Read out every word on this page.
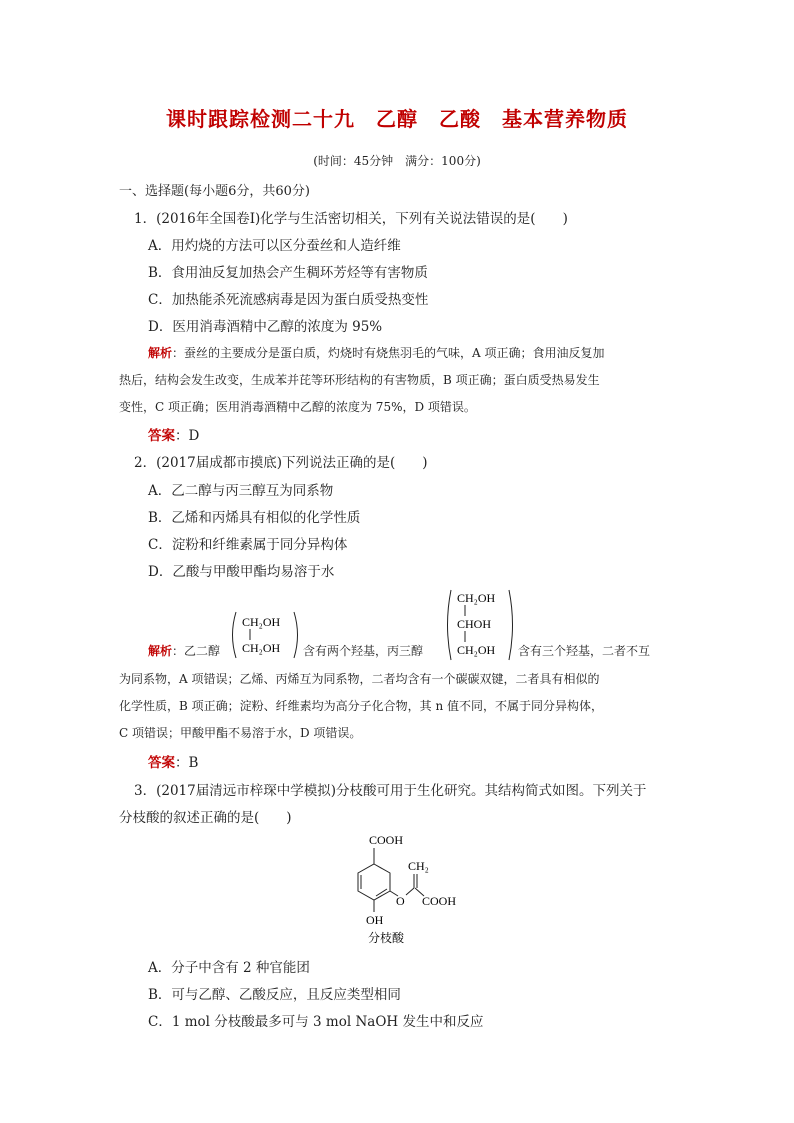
课时跟踪检测二十九　乙醇　乙酸　基本营养物质
(时间：45分钟　满分：100分)
一、选择题(每小题6分，共60分)
1．(2016年全国卷Ⅰ)化学与生活密切相关，下列有关说法错误的是(　　)
A．用灼烧的方法可以区分蚕丝和人造纤维
B．食用油反复加热会产生稠环芳烃等有害物质
C．加热能杀死流感病毒是因为蛋白质受热变性
D．医用消毒酒精中乙醇的浓度为 95%
解析：蚕丝的主要成分是蛋白质，灼烧时有烧焦羽毛的气味，A 项正确；食用油反复加
热后，结构会发生改变，生成苯并芘等环形结构的有害物质，B 项正确；蛋白质受热易发生
变性，C 项正确；医用消毒酒精中乙醇的浓度为 75%，D 项错误。
答案：D
2．(2017届成都市摸底)下列说法正确的是(　　)
A．乙二醇与丙三醇互为同系物
B．乙烯和丙烯具有相似的化学性质
C．淀粉和纤维素属于同分异构体
D．乙酸与甲酸甲酯均易溶于水
解析：乙二醇
CH₂OH
CH₂OH 含有两个羟基，丙三醇
CH₂OH
CHOH
CH₂OH 含有三个羟基，二者不互
为同系物，A 项错误；乙烯、丙烯互为同系物，二者均含有一个碳碳双键，二者具有相似的
化学性质，B 项正确；淀粉、纤维素均为高分子化合物，其 n 值不同，不属于同分异构体，
C 项错误；甲酸甲酯不易溶于水，D 项错误。
答案：B
3．(2017届清远市梓琛中学模拟)分枝酸可用于生化研究。其结构简式如图。下列关于
分枝酸的叙述正确的是(　　)
COOH
OH
O
CH₂
COOH
分枝酸
A．分子中含有 2 种官能团
B．可与乙醇、乙酸反应，且反应类型相同
C．1 mol 分枝酸最多可与 3 mol NaOH 发生中和反应
